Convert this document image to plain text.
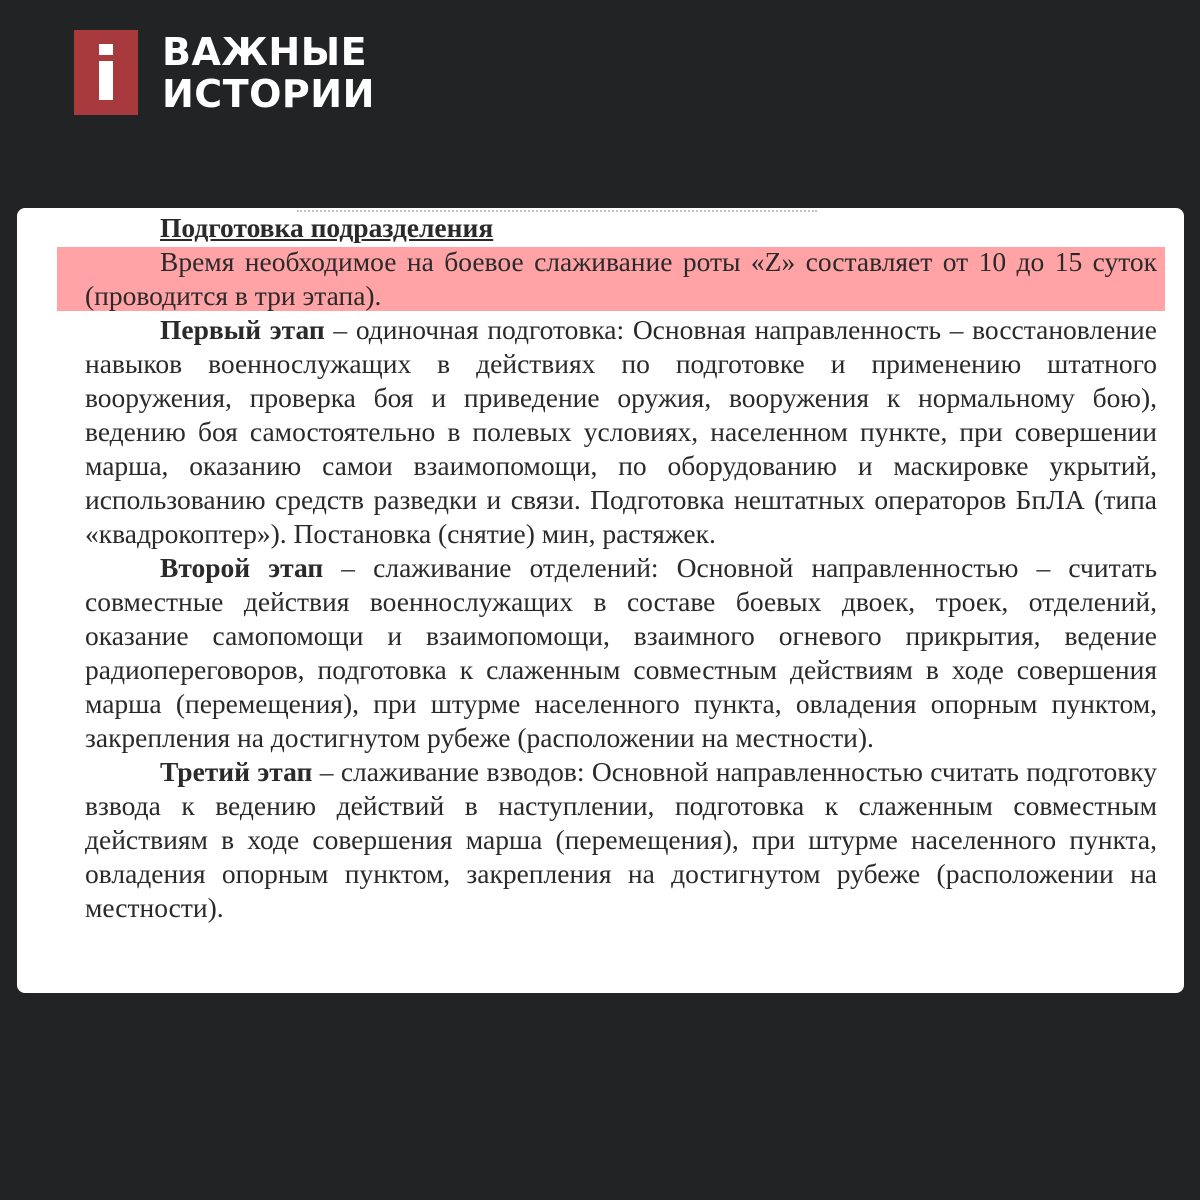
ВАЖНЫЕ
ИСТОРИИ

Подготовка подразделения

Время необходимое на боевое слаживание роты «Z» составляет от 10 до 15 суток (проводится в три этапа).

Первый этап – одиночная подготовка: Основная направленность – восстановление навыков военнослужащих в действиях по подготовке и применению штатного вооружения, проверка боя и приведение оружия, вооружения к нормальному бою), ведению боя самостоятельно в полевых условиях, населенном пункте, при совершении марша, оказанию самои взаимопомощи, по оборудованию и маскировке укрытий, использованию средств разведки и связи. Подготовка нештатных операторов БпЛА (типа «квадрокоптер»). Постановка (снятие) мин, растяжек.

Второй этап – слаживание отделений: Основной направленностью – считать совместные действия военнослужащих в составе боевых двоек, троек, отделений, оказание самопомощи и взаимопомощи, взаимного огневого прикрытия, ведение радиопереговоров, подготовка к слаженным совместным действиям в ходе совершения марша (перемещения), при штурме населенного пункта, овладения опорным пунктом, закрепления на достигнутом рубеже (расположении на местности).

Третий этап – слаживание взводов: Основной направленностью считать подготовку взвода к ведению действий в наступлении, подготовка к слаженным совместным действиям в ходе совершения марша (перемещения), при штурме населенного пункта, овладения опорным пунктом, закрепления на достигнутом рубеже (расположении на местности).
